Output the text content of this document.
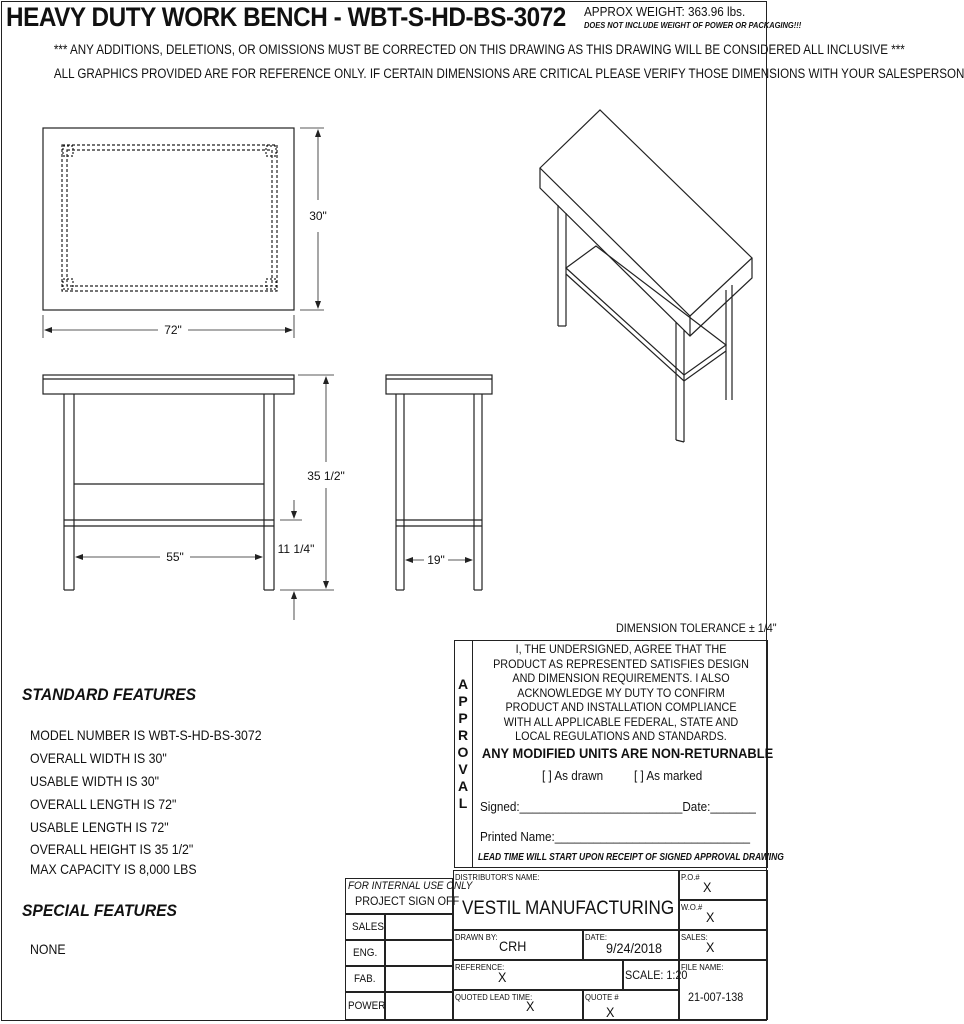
HEAVY DUTY WORK BENCH - WBT-S-HD-BS-3072 APPROX WEIGHT: 363.96 lbs.
DOES NOT INCLUDE WEIGHT OF POWER OR PACKAGING!!!
*** ANY ADDITIONS, DELETIONS, OR OMISSIONS MUST BE CORRECTED ON THIS DRAWING AS THIS DRAWING WILL BE CONSIDERED ALL INCLUSIVE ***
ALL GRAPHICS PROVIDED ARE FOR REFERENCE ONLY. IF CERTAIN DIMENSIONS ARE CRITICAL PLEASE VERIFY THOSE DIMENSIONS WITH YOUR SALESPERSON
30"
72"
35 1/2"
11 1/4"
55"	19"
DIMENSION TOLERANCE ± 1/4"
STANDARD FEATURES
MODEL NUMBER IS WBT-S-HD-BS-3072
OVERALL WIDTH IS 30"
USABLE WIDTH IS 30"
OVERALL LENGTH IS 72"
USABLE LENGTH IS 72"
OVERALL HEIGHT IS 35 1/2"
MAX CAPACITY IS 8,000 LBS
SPECIAL FEATURES
NONE
A
P
P
R
O
V
A
L
I, THE UNDERSIGNED, AGREE THAT THE PRODUCT AS REPRESENTED SATISFIES DESIGN AND DIMENSION REQUIREMENTS. I ALSO ACKNOWLEDGE MY DUTY TO CONFIRM PRODUCT AND INSTALLATION COMPLIANCE WITH ALL APPLICABLE FEDERAL, STATE AND LOCAL REGULATIONS AND STANDARDS.
ANY MODIFIED UNITS ARE NON-RETURNABLE
[ ] As drawn [ ] As marked
Signed:_________________________Date:_______
Printed Name:______________________________
LEAD TIME WILL START UPON RECEIPT OF SIGNED APPROVAL DRAWING
FOR INTERNAL USE ONLY
PROJECT SIGN OFF
SALES
ENG.
FAB.
POWER
DISTRIBUTOR'S NAME:
VESTIL MANUFACTURING
P.O.#
X
W.O.#
X
DRAWN BY:
CRH
DATE:
9/24/2018
SALES:
X
REFERENCE:
X	SCALE: 1:20
FILE NAME:
21-007-138
QUOTED LEAD TIME:
X
QUOTE #
X
